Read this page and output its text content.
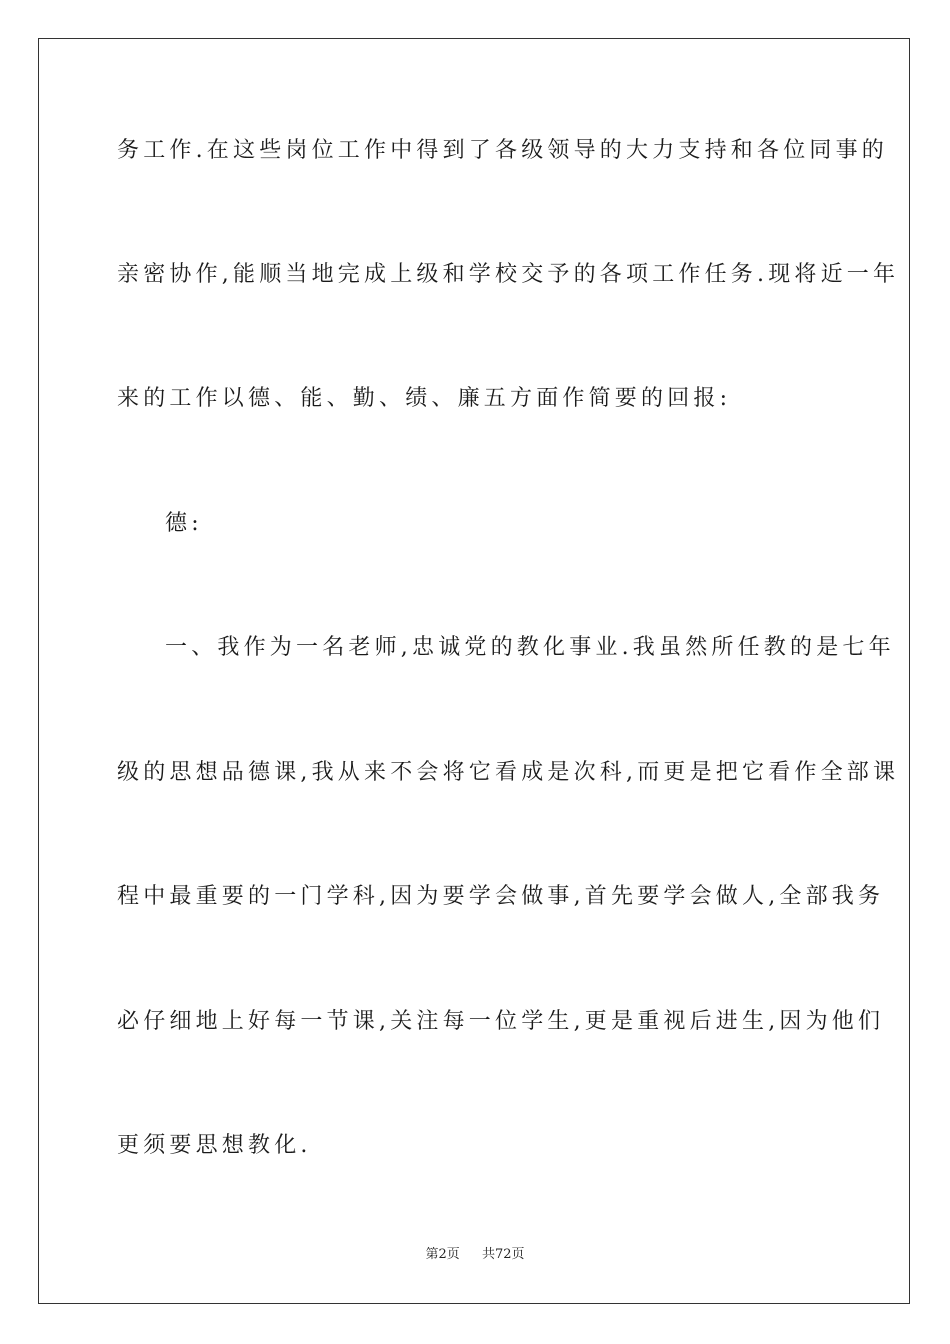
务工作.在这些岗位工作中得到了各级领导的大力支持和各位同事的
亲密协作,能顺当地完成上级和学校交予的各项工作任务.现将近一年
来的工作以德、能、勤、绩、廉五方面作简要的回报:
德:
一、我作为一名老师,忠诚党的教化事业.我虽然所任教的是七年
级的思想品德课,我从来不会将它看成是次科,而更是把它看作全部课
程中最重要的一门学科,因为要学会做事,首先要学会做人,全部我务
必仔细地上好每一节课,关注每一位学生,更是重视后进生,因为他们
更须要思想教化.
第2页 共72页
